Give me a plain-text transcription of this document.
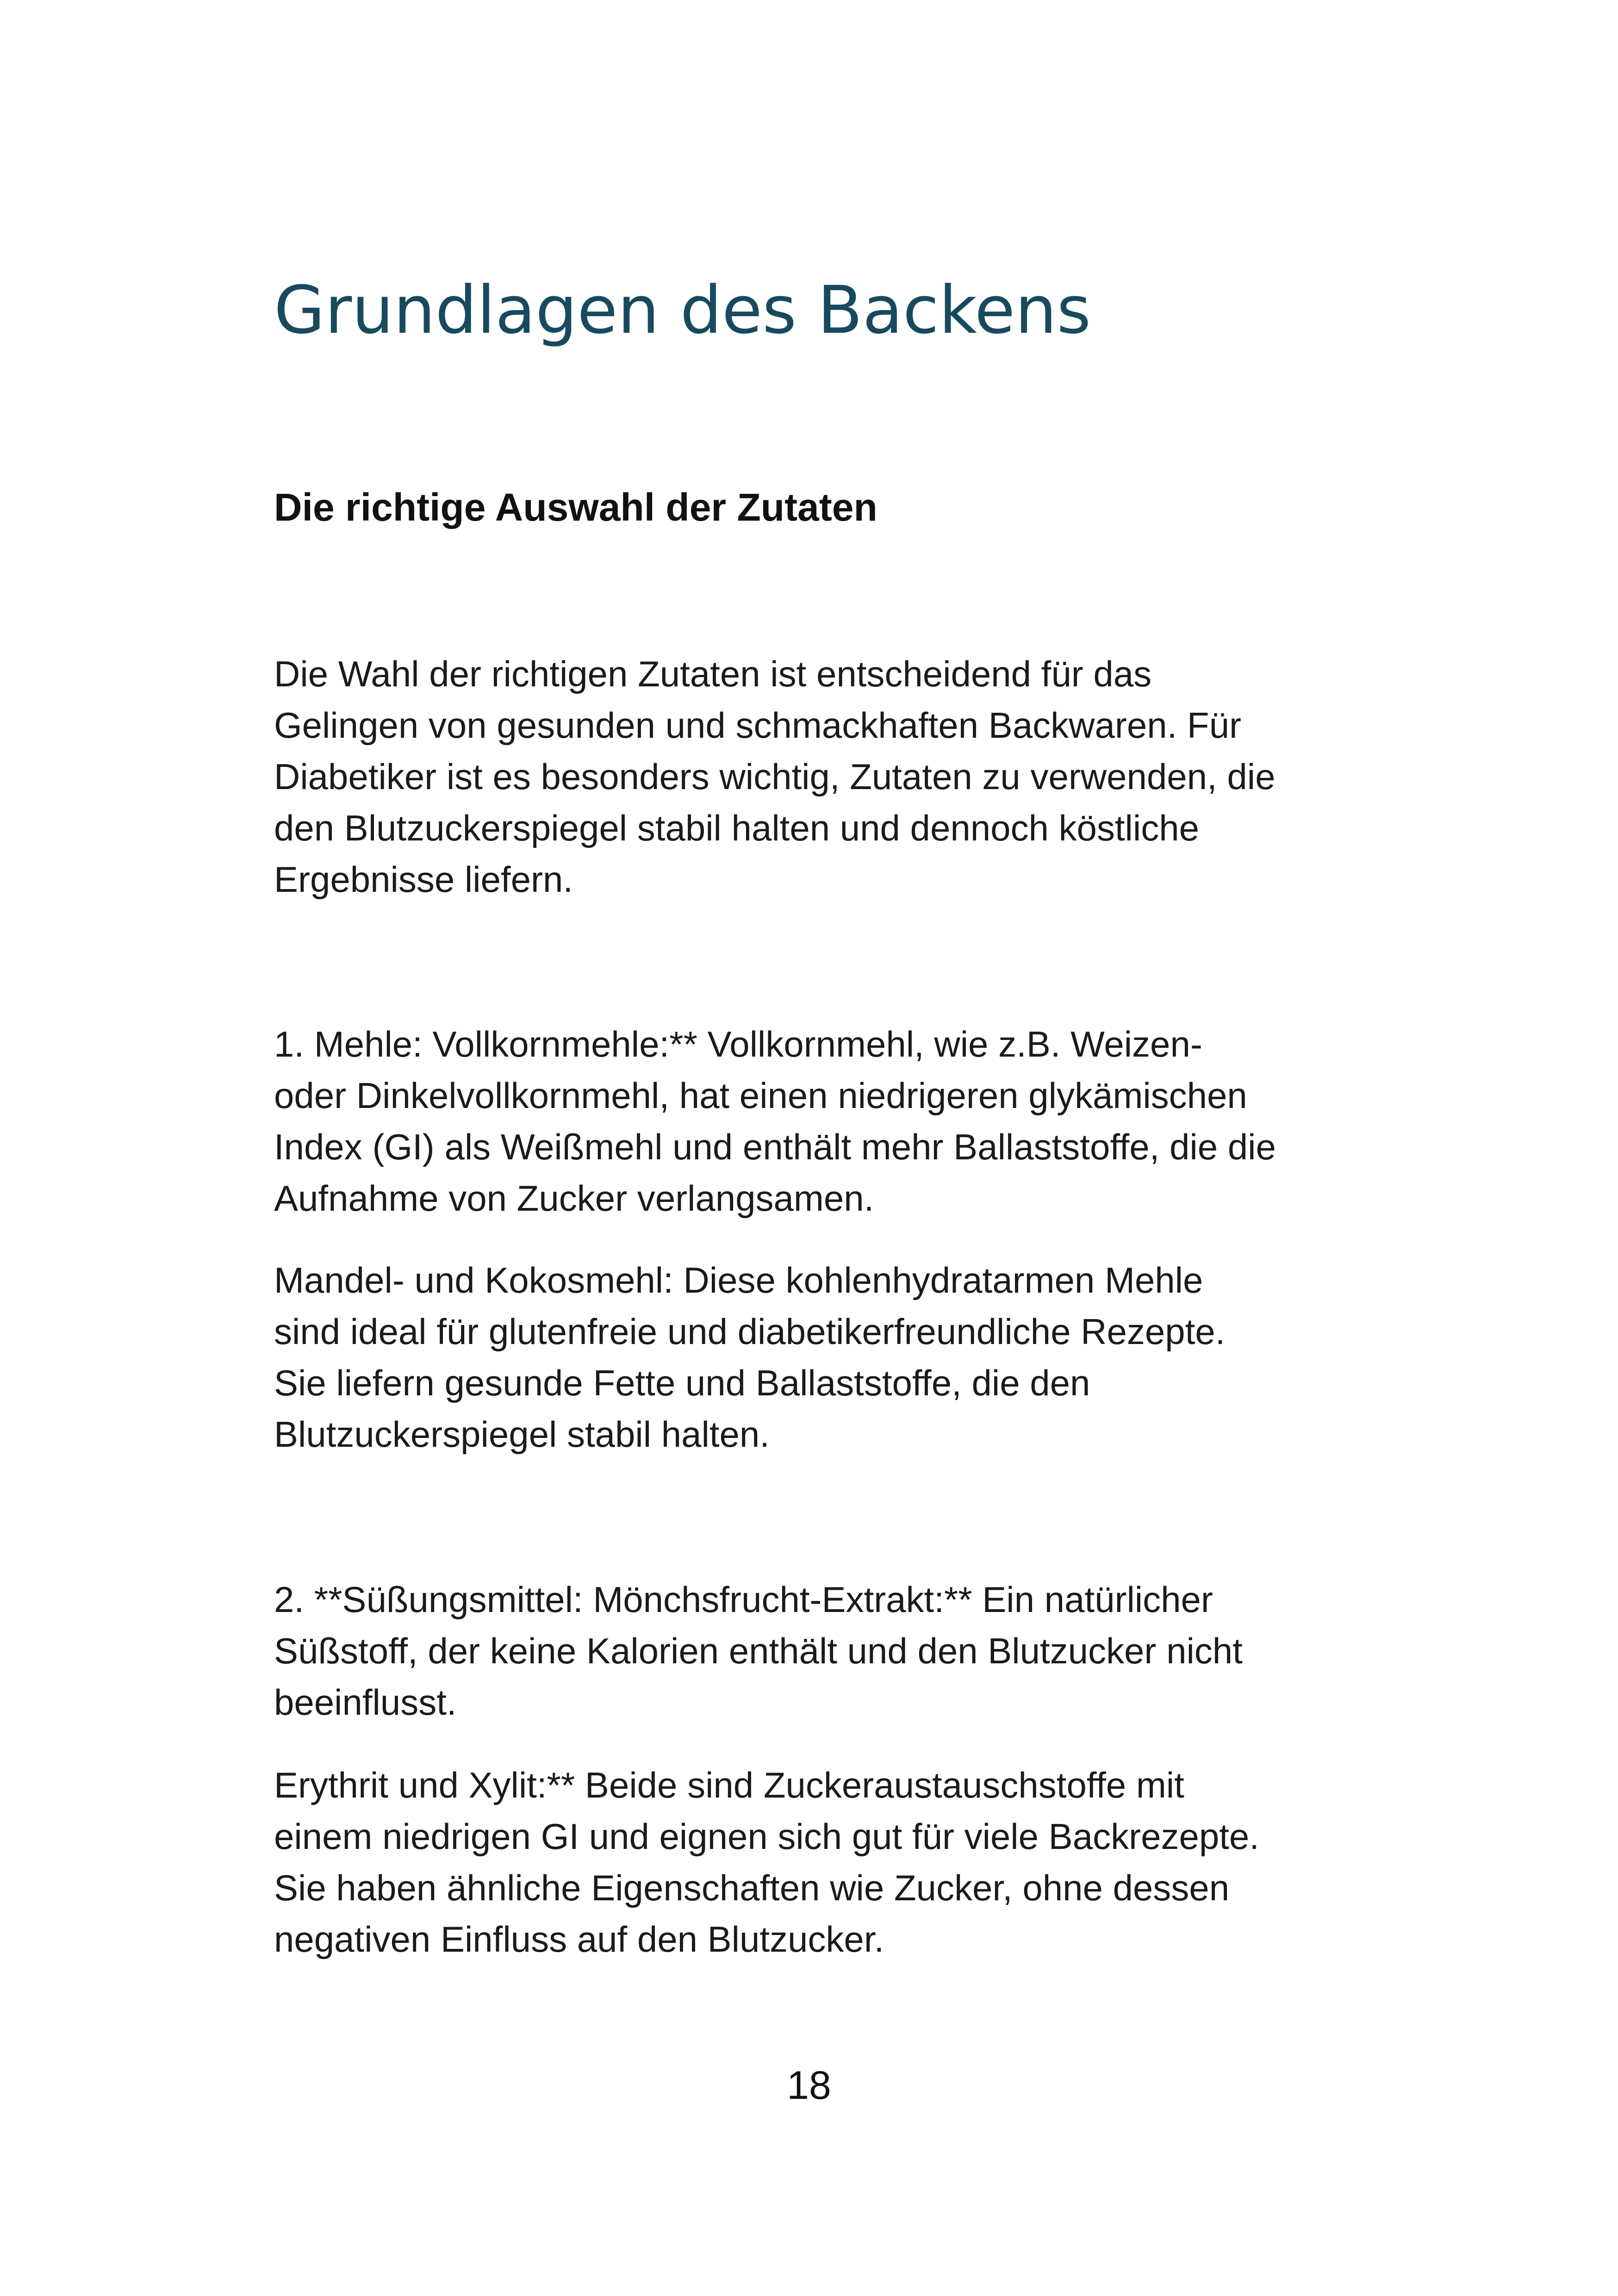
Grundlagen des Backens
Die richtige Auswahl der Zutaten

Die Wahl der richtigen Zutaten ist entscheidend für das
Gelingen von gesunden und schmackhaften Backwaren. Für
Diabetiker ist es besonders wichtig, Zutaten zu verwenden, die
den Blutzuckerspiegel stabil halten und dennoch köstliche
Ergebnisse liefern.

1. Mehle: Vollkornmehle:** Vollkornmehl, wie z.B. Weizen-
oder Dinkelvollkornmehl, hat einen niedrigeren glykämischen
Index (GI) als Weißmehl und enthält mehr Ballaststoffe, die die
Aufnahme von Zucker verlangsamen.

Mandel- und Kokosmehl: Diese kohlenhydratarmen Mehle
sind ideal für glutenfreie und diabetikerfreundliche Rezepte.
Sie liefern gesunde Fette und Ballaststoffe, die den
Blutzuckerspiegel stabil halten.

2. **Süßungsmittel: Mönchsfrucht-Extrakt:** Ein natürlicher
Süßstoff, der keine Kalorien enthält und den Blutzucker nicht
beeinflusst.

Erythrit und Xylit:** Beide sind Zuckeraustauschstoffe mit
einem niedrigen GI und eignen sich gut für viele Backrezepte.
Sie haben ähnliche Eigenschaften wie Zucker, ohne dessen
negativen Einfluss auf den Blutzucker.

18
